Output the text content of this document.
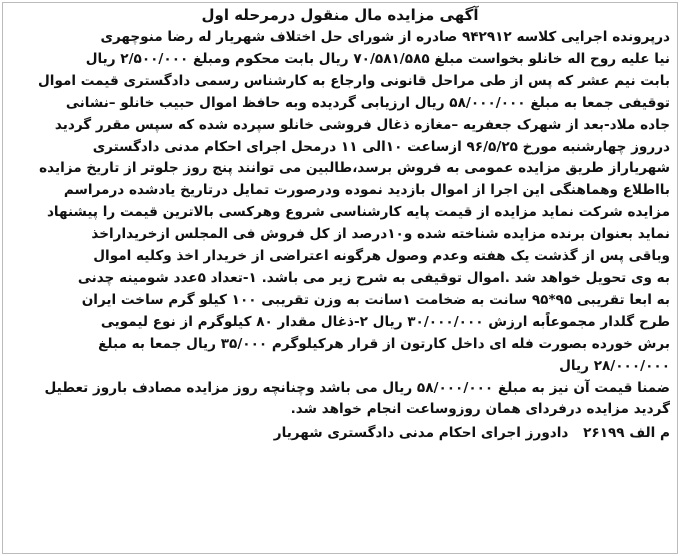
آگهی مزایده مال منقول درمرحله اول
درپرونده اجرایی کلاسه ۹۴۲۹۱۲ صادره از شورای حل اختلاف شهریار له رضا منوچهری
نیا علیه روح اله خانلو بخواست مبلغ ۷۰/۵۸۱/۵۸۵ ریال بابت محکوم ومبلغ ۲/۵۰۰/۰۰۰ ریال
بابت نیم عشر که پس از طی مراحل قانونی وارجاع به کارشناس رسمی دادگستری قیمت اموال
توقیفی جمعا به مبلغ ۵۸/۰۰۰/۰۰۰ ریال ارزیابی گردیده وبه حافظ اموال حبیب خانلو –نشانی
جاده ملاد-بعد از شهرک جعفریه –مغازه ذغال فروشی خانلو سپرده شده که سپس مقرر گردید
درروز چهارشنبه مورخ ۹۶/۵/۲۵ ازساعت ۱۰الی ۱۱ درمحل اجرای احکام مدنی دادگستری
شهریاراز طریق مزایده عمومی به فروش برسد،طالبین می توانند پنج روز جلوتر از تاریخ مزایده
بااطلاع وهماهنگی این اجرا از اموال بازدید نموده ودرصورت تمایل درتاریخ یادشده درمراسم
مزایده شرکت نماید مزایده از قیمت پایه کارشناسی شروع وهرکسی بالاترین قیمت را پیشنهاد
نماید بعنوان برنده مزایده شناخته شده و۱۰درصد از کل فروش فی المجلس ازخریداراخذ
وباقی پس از گذشت یک هفته وعدم وصول هرگونه اعتراضی از خریدار اخذ وکلیه اموال
به وی تحویل خواهد شد .اموال توقیفی به شرح زیر می باشد. ۱-تعداد ۵عدد شومینه چدنی
به ابعا تقریبی ۹۵*۹۵ سانت به ضخامت ۱سانت به وزن تقریبی ۱۰۰ کیلو گرم ساخت ایران
طرح گلدار مجموعاًبه ارزش ۳۰/۰۰۰/۰۰۰ ریال ۲-ذغال مقدار ۸۰ کیلوگرم از نوع لیمویی
برش خورده بصورت فله ای داخل کارتون از قرار هرکیلوگرم ۳۵/۰۰۰ ریال جمعا به مبلغ
۲۸/۰۰۰/۰۰۰ ریال
ضمنا قیمت آن نیز به مبلغ ۵۸/۰۰۰/۰۰۰ ریال می باشد وچنانچه روز مزایده مصادف باروز تعطیل
گردید مزایده درفردای همان روزوساعت انجام خواهد شد.
م الف ۲۶۱۹۹ دادورز اجرای احکام مدنی دادگستری شهریار
